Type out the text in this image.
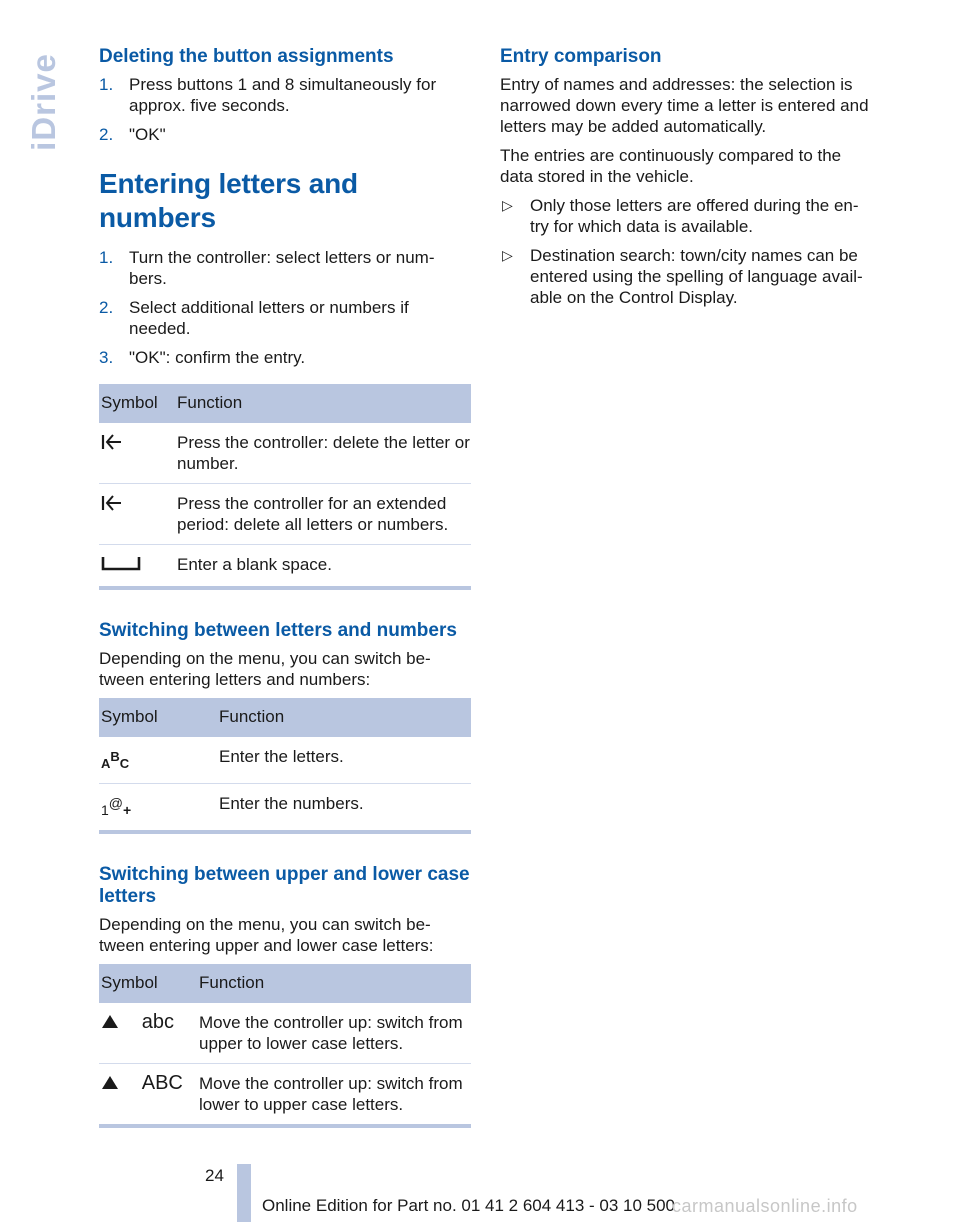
iDrive Deleting the button assignments
1. Press buttons 1 and 8 simultaneously for approx. five seconds.
2. "OK"
Entering letters and numbers
1. Turn the controller: select letters or num‐bers.
2. Select additional letters or numbers if needed.
3. "OK": confirm the entry.
Symbol	Function
	Press the controller: delete the letter or number.
	Press the controller for an extended period: delete all letters or numbers.
	Enter a blank space.
Switching between letters and numbers

Depending on the menu, you can switch be‐tween entering letters and numbers:

Symbol	Function
ABC	Enter the letters.
1@+	Enter the numbers.
Switching between upper and lower case letters

Depending on the menu, you can switch be‐tween entering upper and lower case letters:

Symbol	Function
abc	Move the controller up: switch from upper to lower case letters.
ABC	Move the controller up: switch from lower to upper case letters.
Entry comparison

Entry of names and addresses: the selection is narrowed down every time a letter is entered and letters may be added automatically.

The entries are continuously compared to the data stored in the vehicle.

▷ Only those letters are offered during the en‐try for which data is available.
▷ Destination search: town/city names can be entered using the spelling of language avail‐able on the Control Display.
24
Online Edition for Part no. 01 41 2 604 413 - 03 10 500
carmanualsonline.info
